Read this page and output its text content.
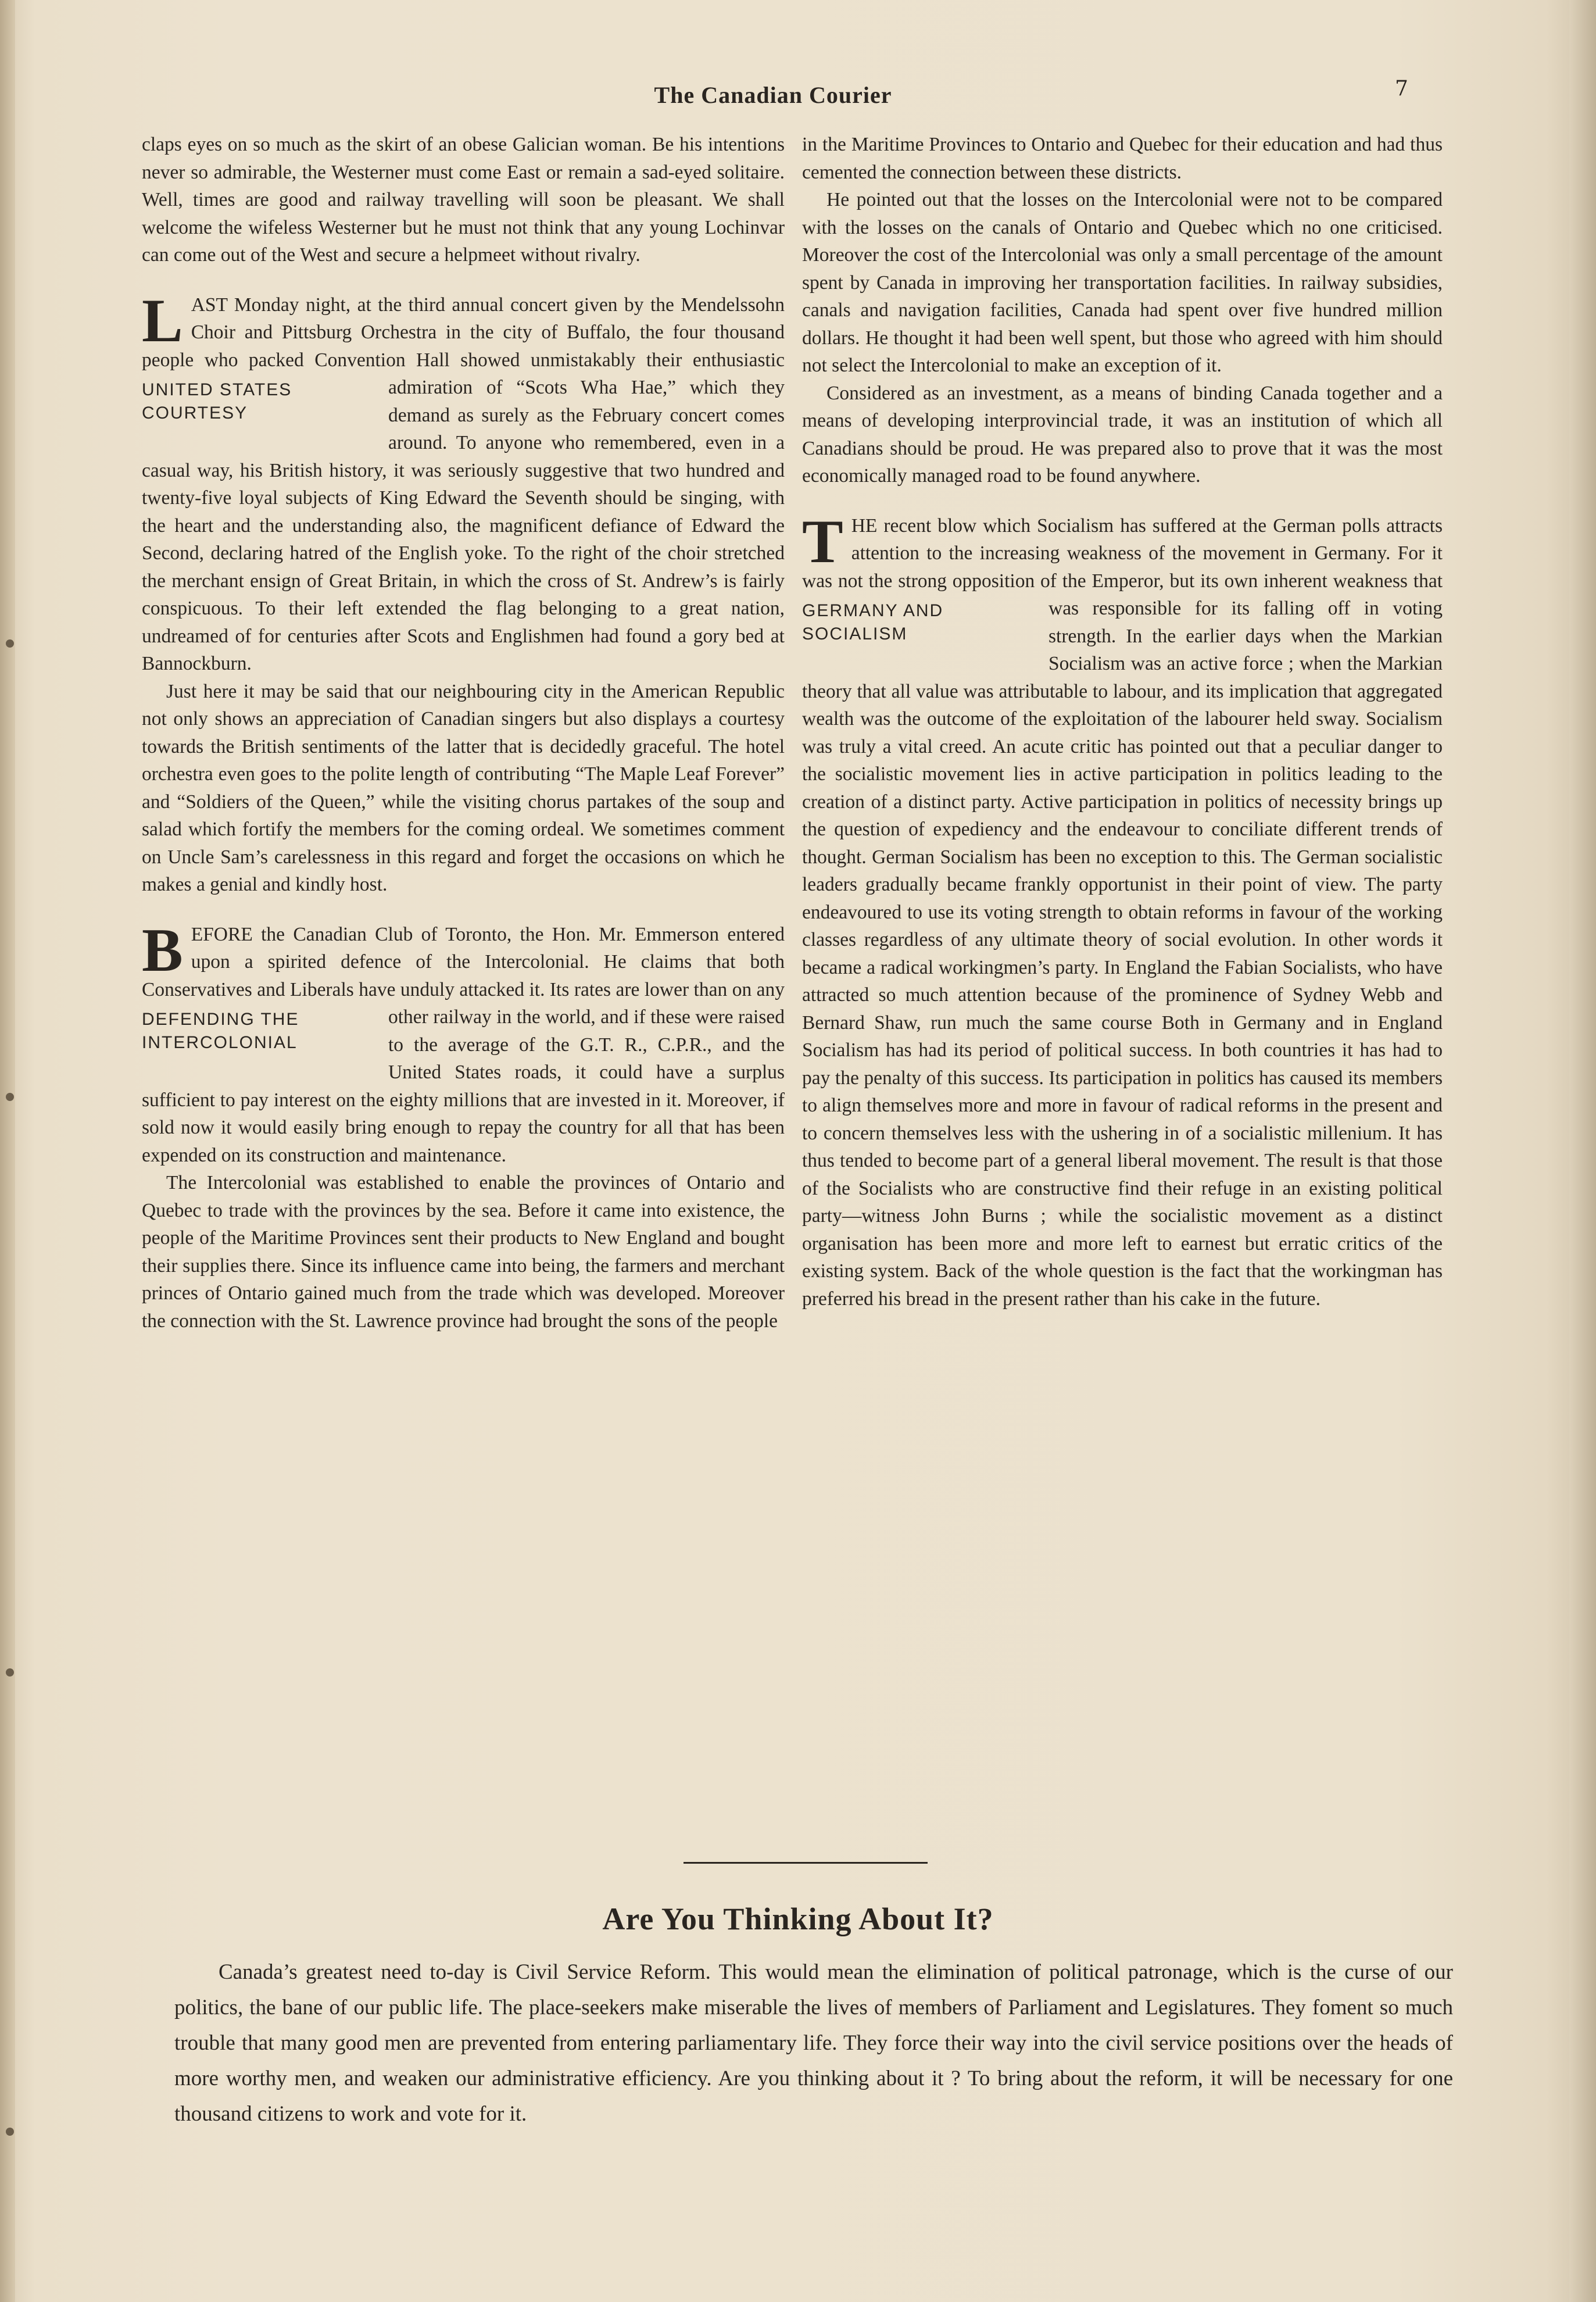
The Canadian Courier	7

claps eyes on so much as the skirt of an obese Galician woman. Be his intentions never so admirable, the Westerner must come East or remain a sad-eyed solitaire. Well, times are good and railway travelling will soon be pleasant. We shall welcome the wifeless Westerner but he must not think that any young Lochinvar can come out of the West and secure a helpmeet without rivalry.

LAST Monday night, at the third annual concert given by the Mendelssohn Choir and Pittsburg Orchestra in the city of Buffalo, the four thousand people who packed Convention Hall showed unmistakably their enthusiastic admiration
UNITED STATES
COURTESY
of “Scots Wha Hae,” which they demand as surely as the February concert comes around. To anyone who remembered, even in a casual way, his British history, it was seriously suggestive that two hundred and twenty-five loyal subjects of King Edward the Seventh should be singing, with the heart and the understanding also, the magnificent defiance of Edward the Second, declaring hatred of the English yoke. To the right of the choir stretched the merchant ensign of Great Britain, in which the cross of St. Andrew’s is fairly conspicuous. To their left extended the flag belonging to a great nation, undreamed of for centuries after Scots and Englishmen had found a gory bed at Bannockburn.

Just here it may be said that our neighbouring city in the American Republic not only shows an appreciation of Canadian singers but also displays a courtesy towards the British sentiments of the latter that is decidedly graceful. The hotel orchestra even goes to the polite length of contributing “The Maple Leaf Forever” and “Soldiers of the Queen,” while the visiting chorus partakes of the soup and salad which fortify the members for the coming ordeal. We sometimes comment on Uncle Sam’s carelessness in this regard and forget the occasions on which he makes a genial and kindly host.

BEFORE the Canadian Club of Toronto, the Hon. Mr. Emmerson entered upon a spirited defence of the Intercolonial. He claims that both Conservatives and Liberals have unduly attacked it. Its rates are lower than
DEFENDING THE
INTERCOLONIAL
on any other railway in the world, and if these were raised to the average of the G.T. R., C.P.R., and the United States roads, it could have a surplus sufficient to pay interest on the eighty millions that are invested in it. Moreover, if sold now it would easily bring enough to repay the country for all that has been expended on its construction and maintenance.

The Intercolonial was established to enable the provinces of Ontario and Quebec to trade with the provinces by the sea. Before it came into existence, the people of the Maritime Provinces sent their products to New England and bought their supplies there. Since its influence came into being, the farmers and merchant princes of Ontario gained much from the trade which was developed. Moreover the connection with the St. Lawrence province had brought the sons of the people

in the Maritime Provinces to Ontario and Quebec for their education and had thus cemented the connection between these districts.

He pointed out that the losses on the Intercolonial were not to be compared with the losses on the canals of Ontario and Quebec which no one criticised. Moreover the cost of the Intercolonial was only a small percentage of the amount spent by Canada in improving her transportation facilities. In railway subsidies, canals and navigation facilities, Canada had spent over five hundred million dollars. He thought it had been well spent, but those who agreed with him should not select the Intercolonial to make an exception of it.

Considered as an investment, as a means of binding Canada together and a means of developing interprovincial trade, it was an institution of which all Canadians should be proud. He was prepared also to prove that it was the most economically managed road to be found anywhere.

THE recent blow which Socialism has suffered at the German polls attracts attention to the increasing weakness of the movement in Germany. For it was not the strong opposition of the Emperor, but its
GERMANY AND
SOCIALISM
own inherent weakness that was responsible for its falling off in voting strength. In the earlier days when the Markian Socialism was an active force ; when the Markian theory that all value was attributable to labour, and its implication that aggregated wealth was the outcome of the exploitation of the labourer held sway. Socialism was truly a vital creed. An acute critic has pointed out that a peculiar danger to the socialistic movement lies in active participation in politics leading to the creation of a distinct party. Active participation in politics of necessity brings up the question of expediency and the endeavour to conciliate different trends of thought. German Socialism has been no exception to this. The German socialistic leaders gradually became frankly opportunist in their point of view. The party endeavoured to use its voting strength to obtain reforms in favour of the working classes regardless of any ultimate theory of social evolution. In other words it became a radical workingmen’s party. In England the Fabian Socialists, who have attracted so much attention because of the prominence of Sydney Webb and Bernard Shaw, run much the same course Both in Germany and in England Socialism has had its period of political success. In both countries it has had to pay the penalty of this success. Its participation in politics has caused its members to align themselves more and more in favour of radical reforms in the present and to concern themselves less with the ushering in of a socialistic millenium. It has thus tended to become part of a general liberal movement. The result is that those of the Socialists who are constructive find their refuge in an existing political party—witness John Burns ; while the socialistic movement as a distinct organisation has been more and more left to earnest but erratic critics of the existing system. Back of the whole question is the fact that the workingman has preferred his bread in the present rather than his cake in the future.

Are You Thinking About It?

Canada’s greatest need to-day is Civil Service Reform. This would mean the elimination of political patronage, which is the curse of our politics, the bane of our public life. The place-seekers make miserable the lives of members of Parliament and Legislatures. They foment so much trouble that many good men are prevented from entering parliamentary life. They force their way into the civil service positions over the heads of more worthy men, and weaken our administrative efficiency. Are you thinking about it ? To bring about the reform, it will be necessary for one thousand citizens to work and vote for it.
